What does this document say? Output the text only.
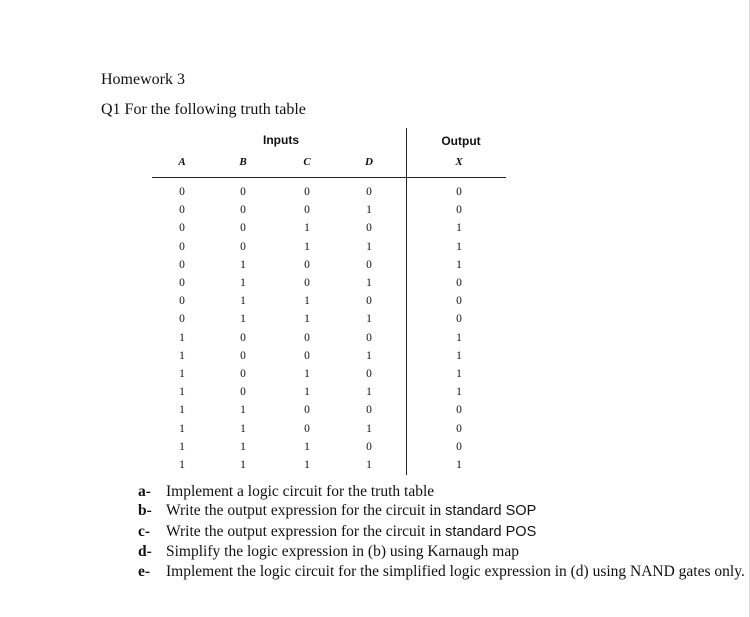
Homework 3
Q1 For the following truth table
Inputs	Output
A	B	C	D	X
0	0	0	0	0
0	0	0	1	0
0	0	1	0	1
0	0	1	1	1
0	1	0	0	1
0	1	0	1	0
0	1	1	0	0
0	1	1	1	0
1	0	0	0	1
1	0	0	1	1
1	0	1	0	1
1	0	1	1	1
1	1	0	0	0
1	1	0	1	0
1	1	1	0	0
1	1	1	1	1
a- Implement a logic circuit for the truth table
b- Write the output expression for the circuit in standard SOP
c- Write the output expression for the circuit in standard POS
d- Simplify the logic expression in (b) using Karnaugh map
e- Implement the logic circuit for the simplified logic expression in (d) using NAND gates only.
